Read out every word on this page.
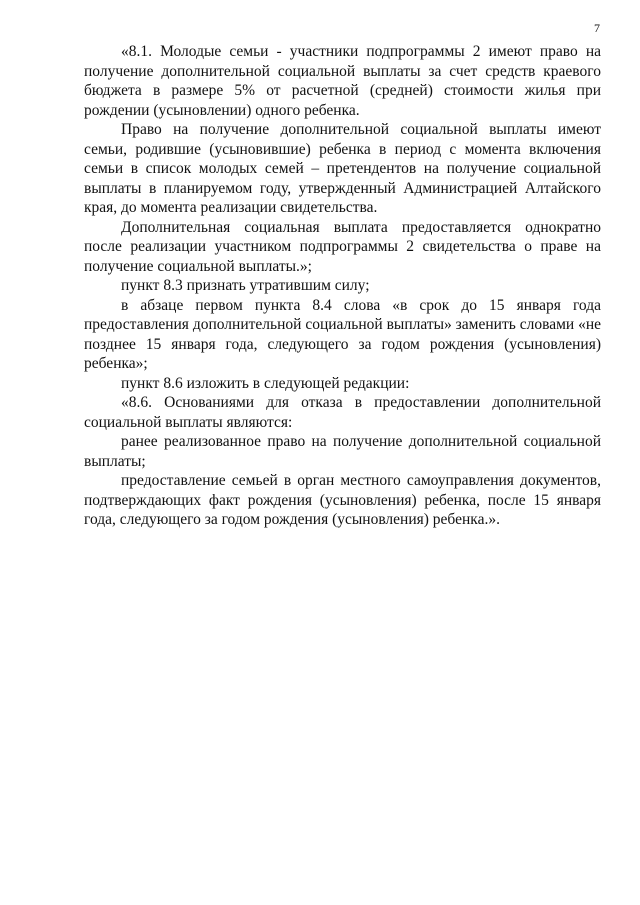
7

«8.1. Молодые семьи - участники подпрограммы 2 имеют право на получение дополнительной социальной выплаты за счет средств краевого бюджета в размере 5% от расчетной (средней) стоимости жилья при рождении (усыновлении) одного ребенка.

Право на получение дополнительной социальной выплаты имеют семьи, родившие (усыновившие) ребенка в период с момента включения семьи в список молодых семей – претендентов на получение социальной выплаты в планируемом году, утвержденный Администрацией Алтайского края, до момента реализации свидетельства.

Дополнительная социальная выплата предоставляется однократно после реализации участником подпрограммы 2 свидетельства о праве на получение социальной выплаты.»;

пункт 8.3 признать утратившим силу;

в абзаце первом пункта 8.4 слова «в срок до 15 января года предоставления дополнительной социальной выплаты» заменить словами «не позднее 15 января года, следующего за годом рождения (усыновления) ребенка»;

пункт 8.6 изложить в следующей редакции:

«8.6. Основаниями для отказа в предоставлении дополнительной социальной выплаты являются:

ранее реализованное право на получение дополнительной социальной выплаты;

предоставление семьей в орган местного самоуправления документов, подтверждающих факт рождения (усыновления) ребенка, после 15 января года, следующего за годом рождения (усыновления) ребенка.».
